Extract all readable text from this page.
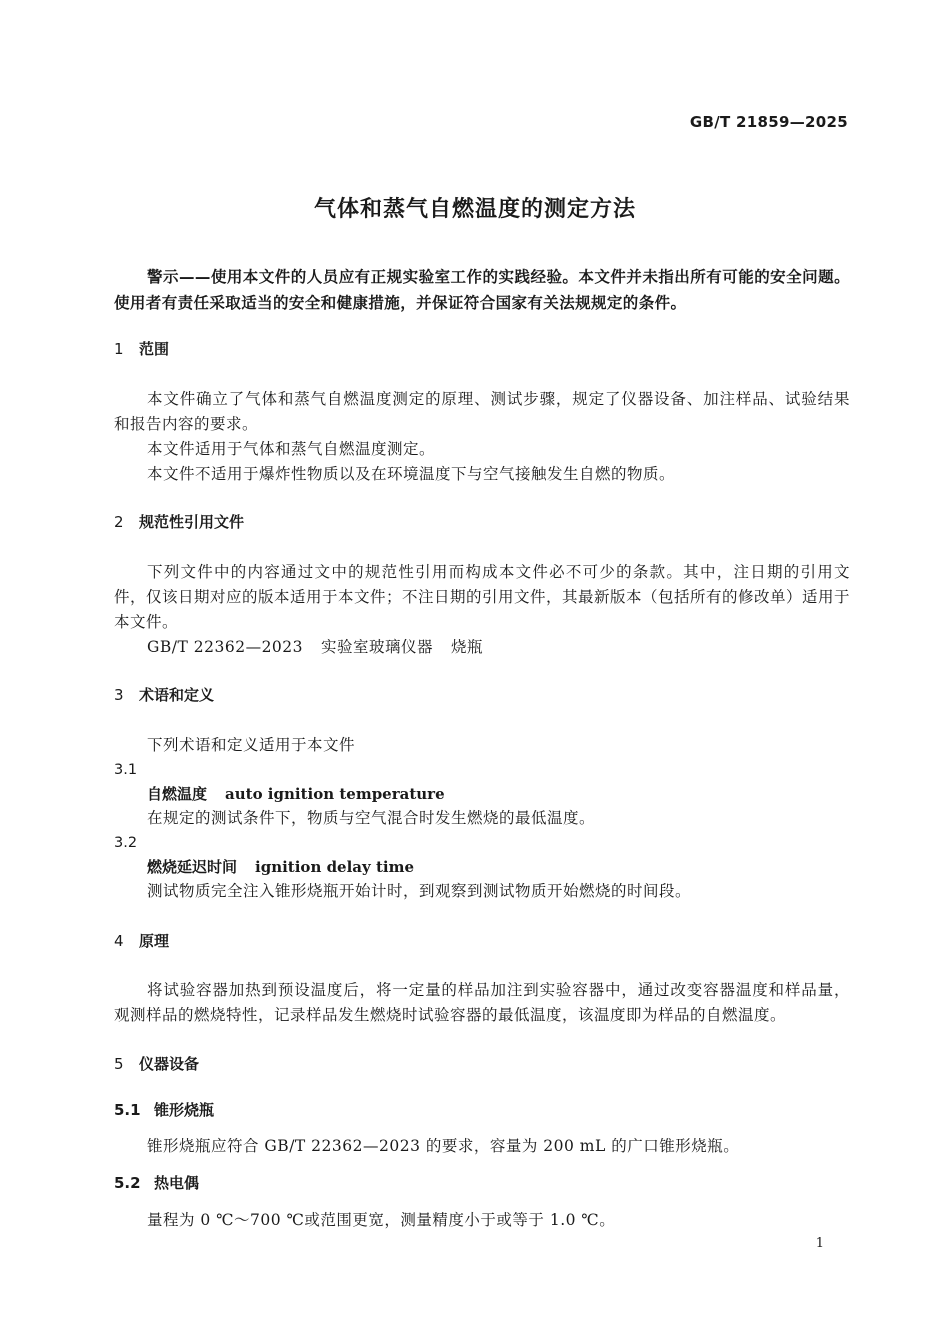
GB/T 21859—2025
气体和蒸气自燃温度的测定方法
警示——使用本文件的人员应有正规实验室工作的实践经验。本文件并未指出所有可能的安全问题。使用者有责任采取适当的安全和健康措施，并保证符合国家有关法规规定的条件。
1 范围
本文件确立了气体和蒸气自燃温度测定的原理、测试步骤，规定了仪器设备、加注样品、试验结果和报告内容的要求。
本文件适用于气体和蒸气自燃温度测定。
本文件不适用于爆炸性物质以及在环境温度下与空气接触发生自燃的物质。
2 规范性引用文件
下列文件中的内容通过文中的规范性引用而构成本文件必不可少的条款。其中，注日期的引用文件，仅该日期对应的版本适用于本文件；不注日期的引用文件，其最新版本（包括所有的修改单）适用于本文件。
GB/T 22362—2023 实验室玻璃仪器 烧瓶
3 术语和定义
下列术语和定义适用于本文件
3.1
自燃温度 auto ignition temperature
在规定的测试条件下，物质与空气混合时发生燃烧的最低温度。
3.2
燃烧延迟时间 ignition delay time
测试物质完全注入锥形烧瓶开始计时，到观察到测试物质开始燃烧的时间段。
4 原理
将试验容器加热到预设温度后，将一定量的样品加注到实验容器中，通过改变容器温度和样品量，观测样品的燃烧特性，记录样品发生燃烧时试验容器的最低温度，该温度即为样品的自燃温度。
5 仪器设备
5.1 锥形烧瓶
锥形烧瓶应符合 GB/T 22362—2023 的要求，容量为 200 mL 的广口锥形烧瓶。
5.2 热电偶
量程为 0 ℃～700 ℃或范围更宽，测量精度小于或等于 1.0 ℃。
1
